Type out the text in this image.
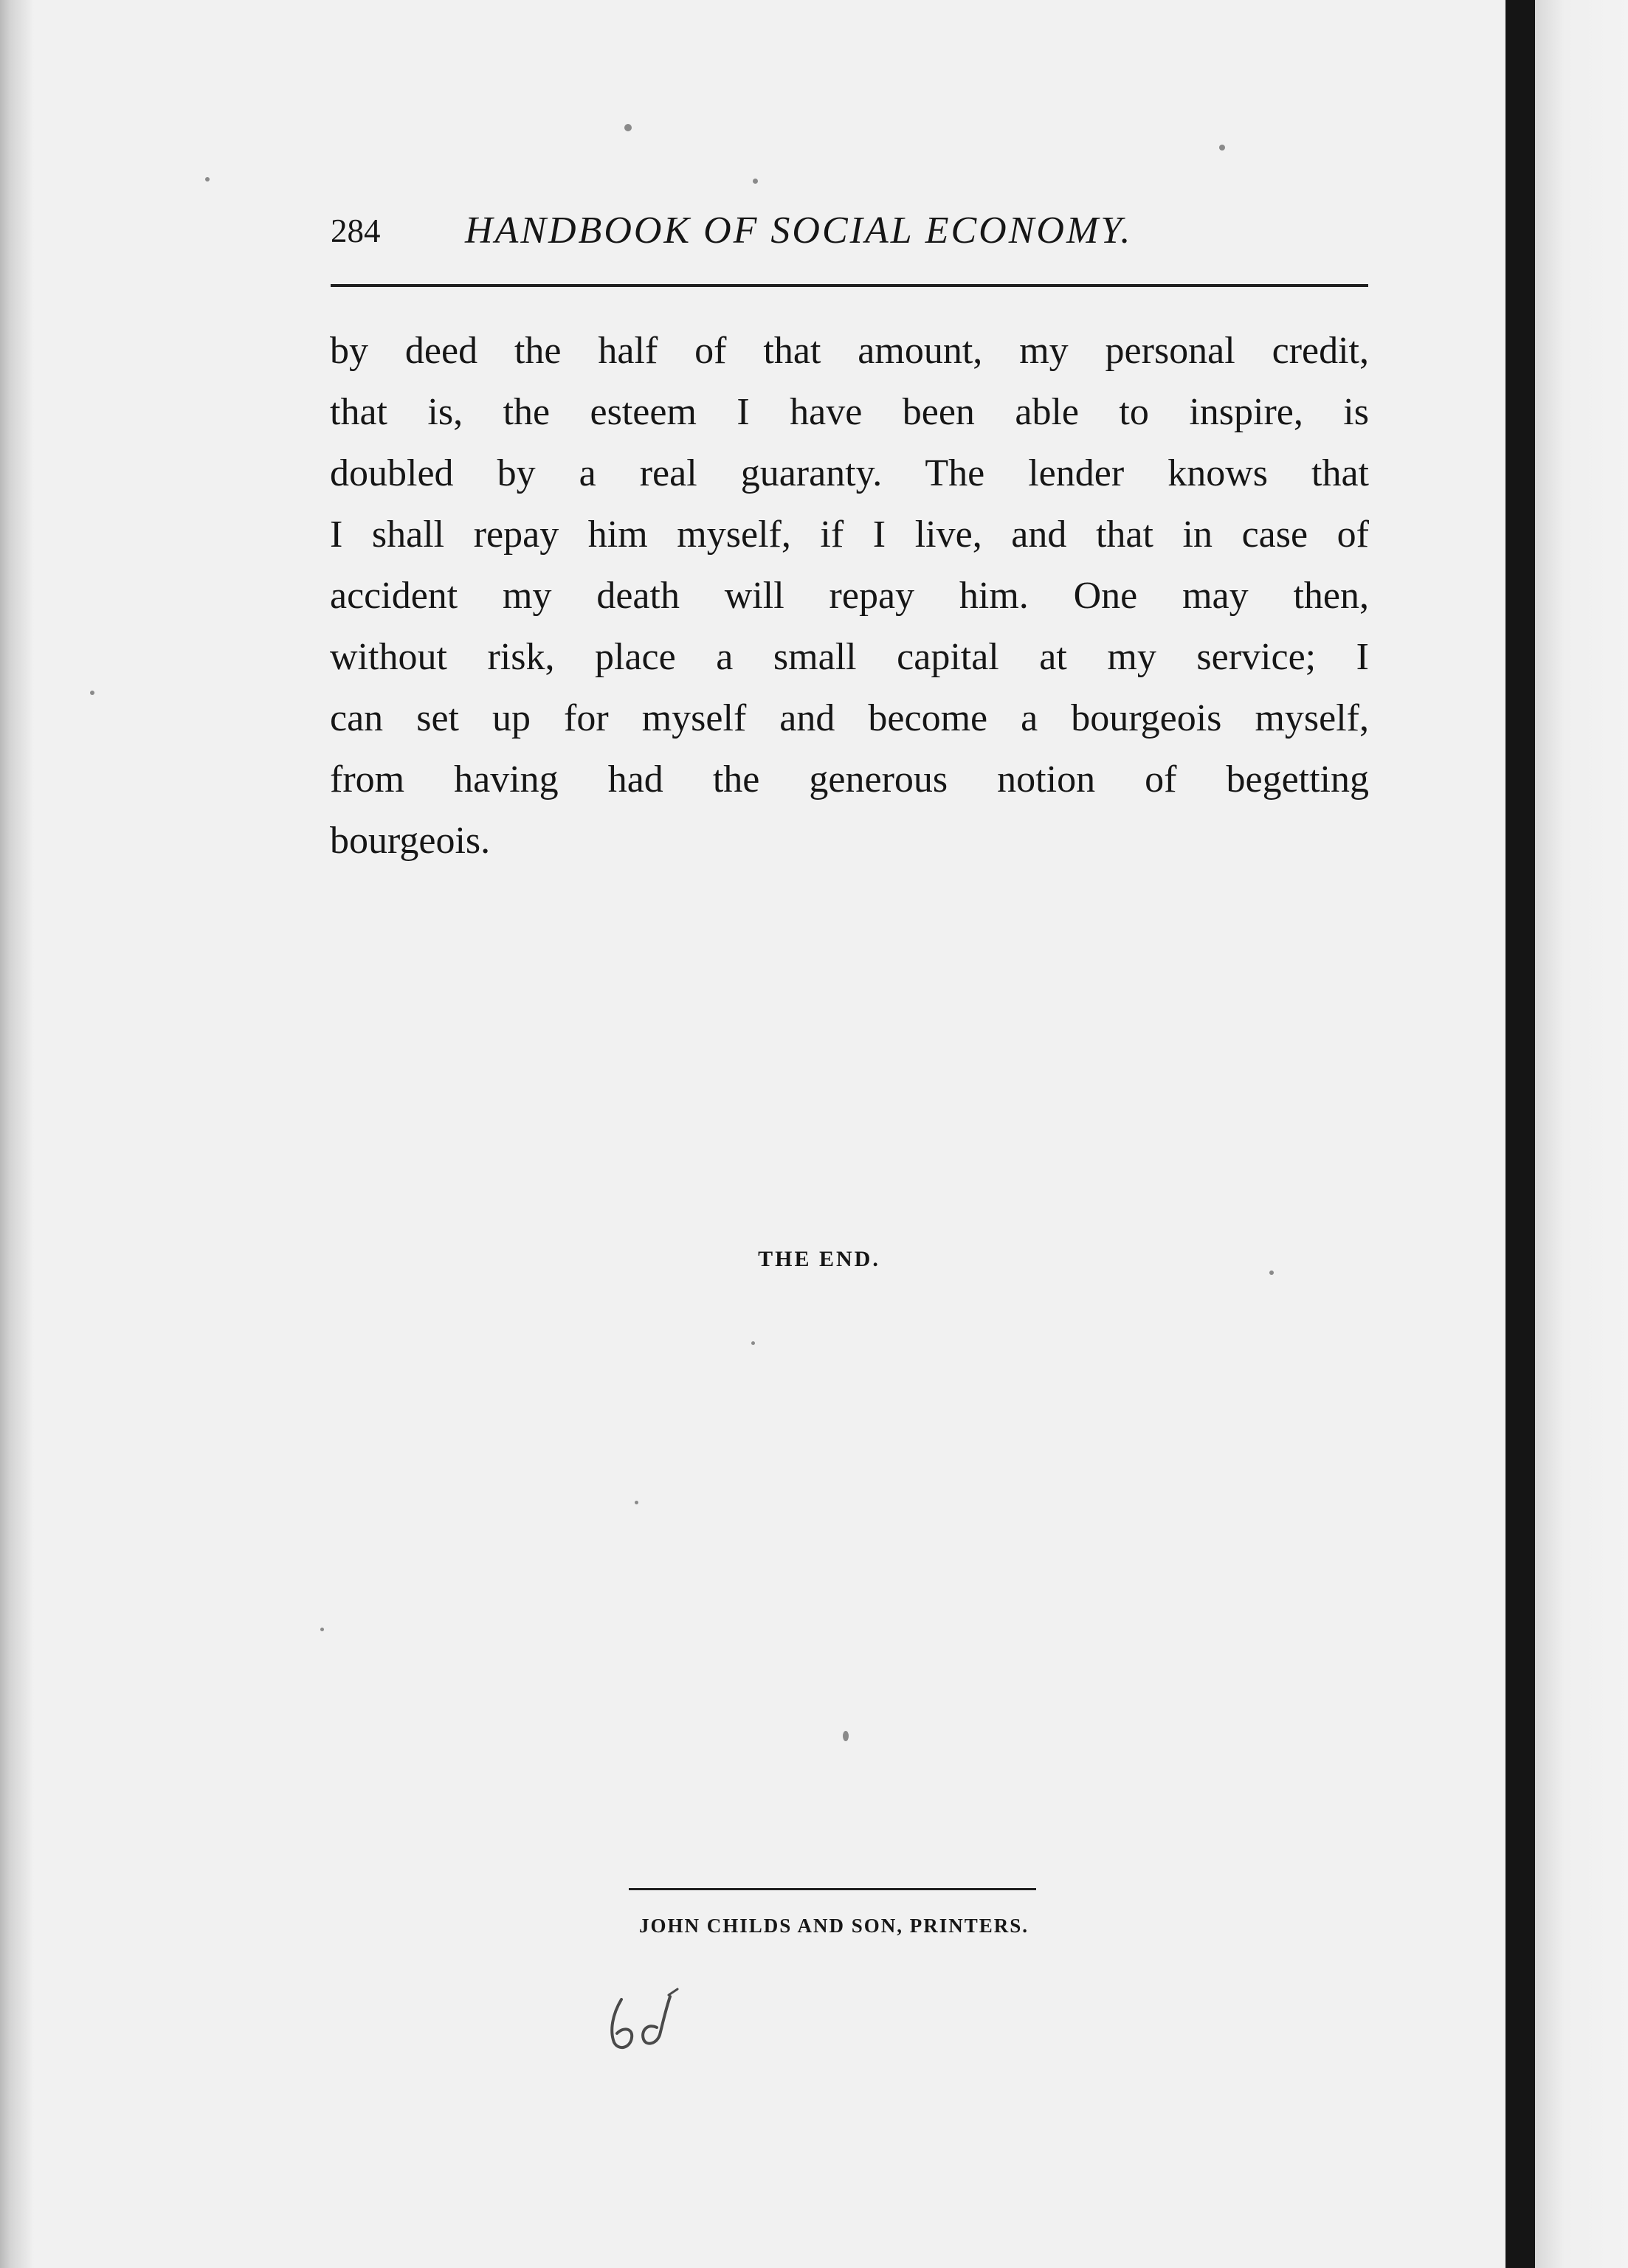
284 HANDBOOK OF SOCIAL ECONOMY.
by deed the half of that amount, my personal credit,
that is, the esteem I have been able to inspire, is
doubled by a real guaranty. The lender knows that
I shall repay him myself, if I live, and that in case of
accident my death will repay him. One may then,
without risk, place a small capital at my service; I
can set up for myself and become a bourgeois myself,
from having had the generous notion of begetting
bourgeois.
THE END.
JOHN CHILDS AND SON, PRINTERS.
